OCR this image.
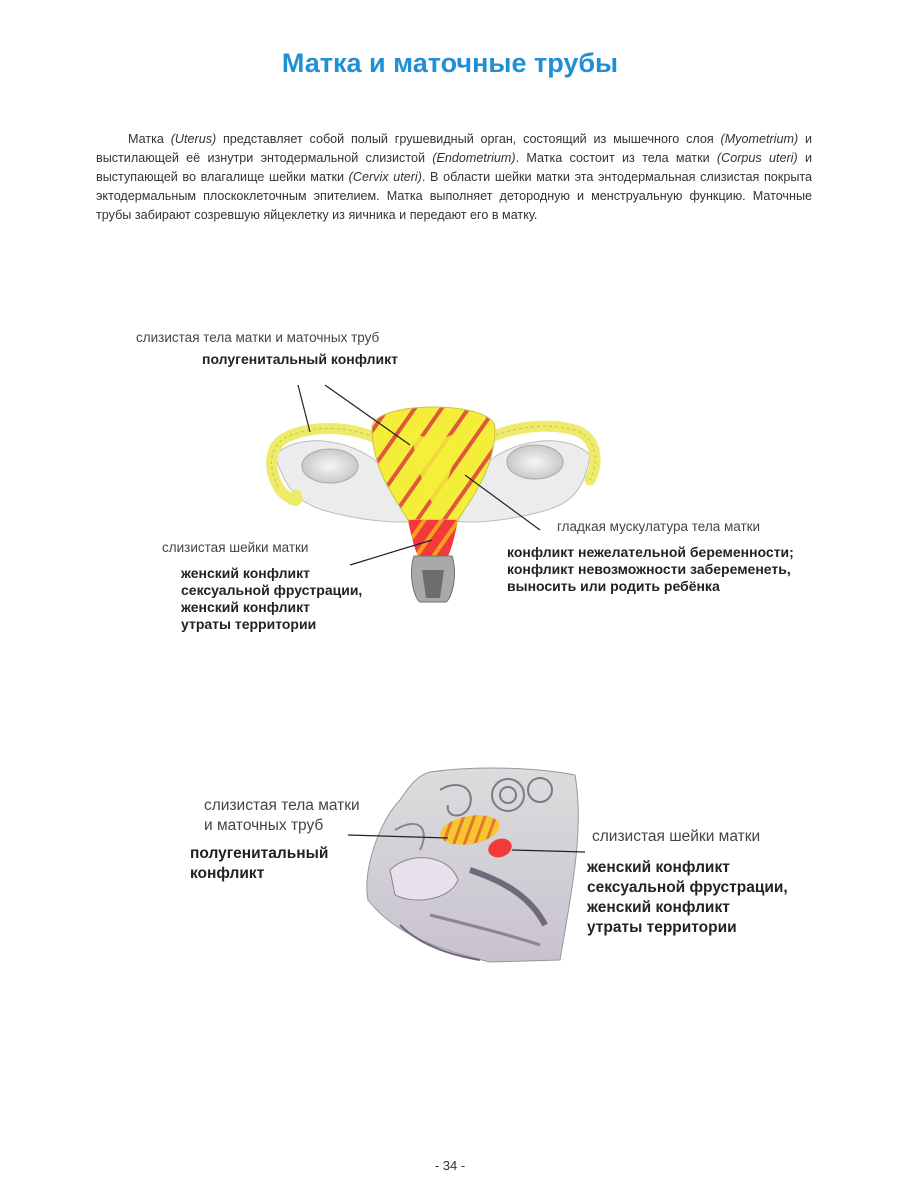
Матка и маточные трубы

Матка (Uterus) представляет собой полый грушевидный орган, состоящий из мышечного слоя (Myometrium) и выстилающей её изнутри энтодермальной слизистой (Endometrium). Матка состоит из тела матки (Corpus uteri) и выступающей во влагалище шейки матки (Cervix uteri). В области шейки матки эта энтодермальная слизистая покрыта эктодермальным плоскоклеточным эпителием. Матка выполняет детородную и менструальную функцию. Маточные трубы забирают созревшую яйцеклетку из яичника и передают его в матку.

слизистая тела матки и маточных труб
полугенитальный конфликт
гладкая мускулатура тела матки
конфликт нежелательной беременности;
конфликт невозможности забеременеть,
выносить или родить ребёнка
слизистая шейки матки
женский конфликт
сексуальной фрустрации,
женский конфликт
утраты территории
слизистая тела матки
и маточных труб
полугенитальный
конфликт
слизистая шейки матки
женский конфликт
сексуальной фрустрации,
женский конфликт
утраты территории
- 34 -
